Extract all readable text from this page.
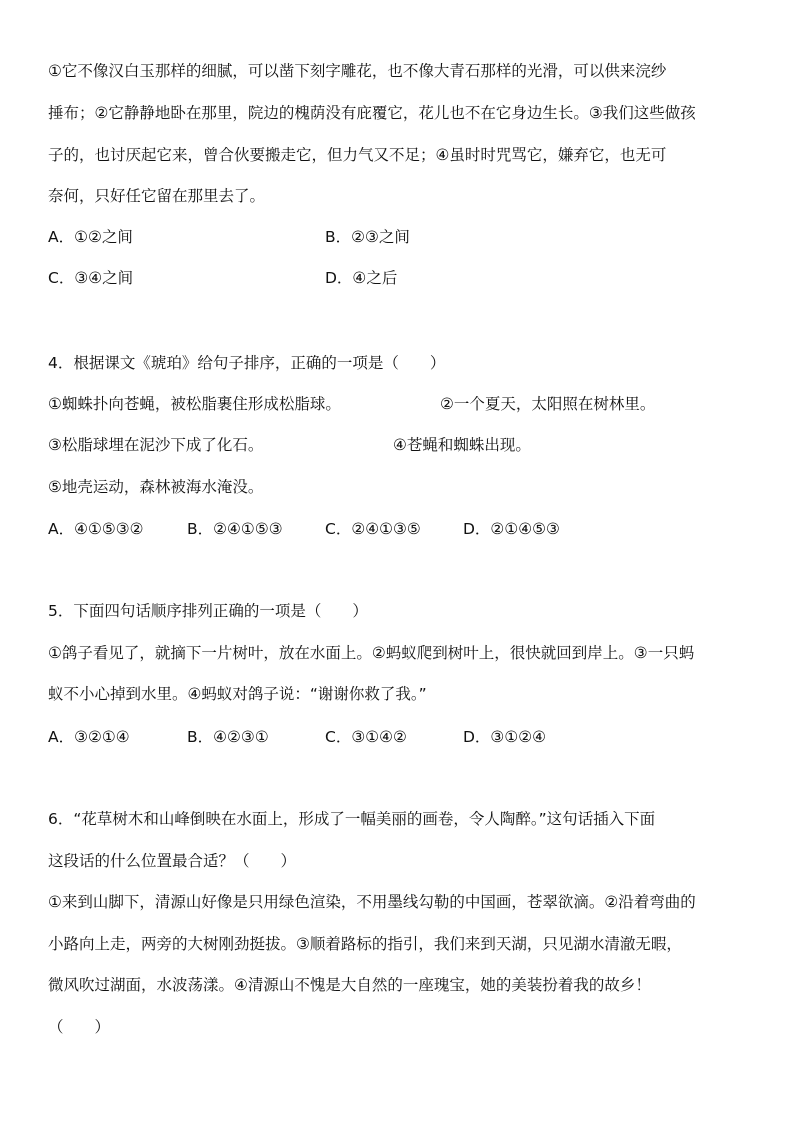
①它不像汉白玉那样的细腻，可以凿下刻字雕花，也不像大青石那样的光滑，可以供来浣纱
捶布；②它静静地卧在那里，院边的槐荫没有庇覆它，花儿也不在它身边生长。③我们这些做孩
子的，也讨厌起它来，曾合伙要搬走它，但力气又不足；④虽时时咒骂它，嫌弃它，也无可
奈何，只好任它留在那里去了。
A．①②之间	B．②③之间
C．③④之间	D．④之后
4．根据课文《琥珀》给句子排序，正确的一项是（　　）
①蜘蛛扑向苍蝇，被松脂裹住形成松脂球。	②一个夏天，太阳照在树林里。
③松脂球埋在泥沙下成了化石。	④苍蝇和蜘蛛出现。
⑤地壳运动，森林被海水淹没。
A．④①⑤③②	B．②④①⑤③	C．②④①③⑤	D．②①④⑤③
5．下面四句话顺序排列正确的一项是（　　）
①鸽子看见了，就摘下一片树叶，放在水面上。②蚂蚁爬到树叶上，很快就回到岸上。③一只蚂
蚁不小心掉到水里。④蚂蚁对鸽子说：“谢谢你救了我。”
A．③②①④	B．④②③①	C．③①④②	D．③①②④
6．“花草树木和山峰倒映在水面上，形成了一幅美丽的画卷，令人陶醉。”这句话插入下面
这段话的什么位置最合适？（　　）
①来到山脚下，清源山好像是只用绿色渲染，不用墨线勾勒的中国画，苍翠欲滴。②沿着弯曲的
小路向上走，两旁的大树刚劲挺拔。③顺着路标的指引，我们来到天湖，只见湖水清澈无暇，
微风吹过湖面，水波荡漾。④清源山不愧是大自然的一座瑰宝，她的美装扮着我的故乡！
（　　）
